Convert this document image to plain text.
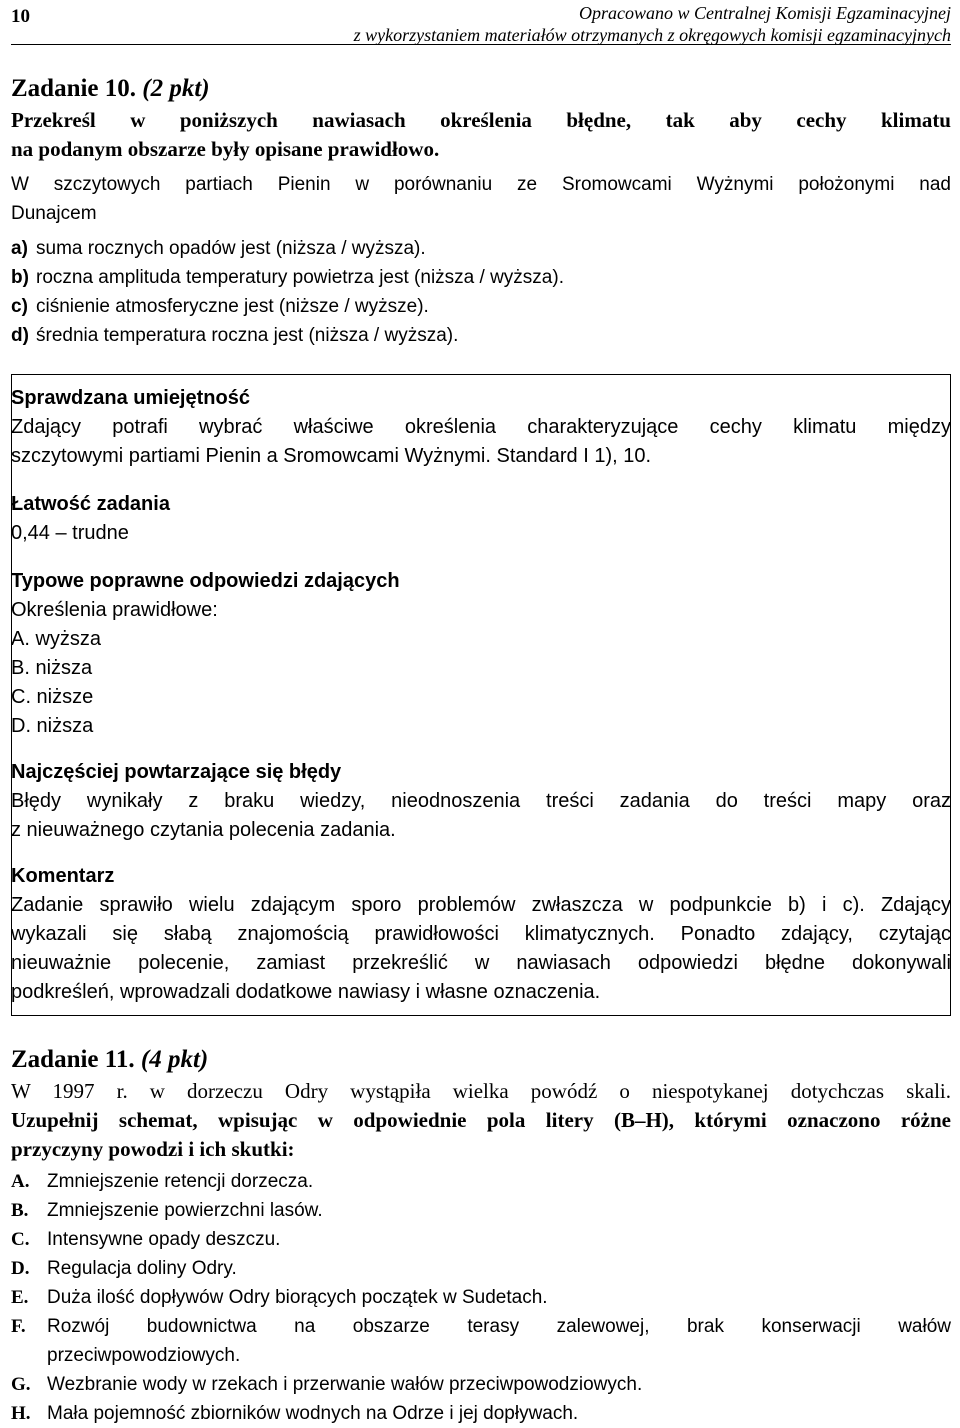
10	Opracowano w Centralnej Komisji Egzaminacyjnej
z wykorzystaniem materiałów otrzymanych z okręgowych komisji egzaminacyjnych
Zadanie 10. (2 pkt)
Przekreśl w poniższych nawiasach określenia błędne, tak aby cechy klimatu
na podanym obszarze były opisane prawidłowo.
W szczytowych partiach Pienin w porównaniu ze Sromowcami Wyżnymi położonymi nad
Dunajcem
a) suma rocznych opadów jest (niższa / wyższa).
b) roczna amplituda temperatury powietrza jest (niższa / wyższa).
c) ciśnienie atmosferyczne jest (niższe / wyższe).
d) średnia temperatura roczna jest (niższa / wyższa).
Sprawdzana umiejętność
Zdający potrafi wybrać właściwe określenia charakteryzujące cechy klimatu między
szczytowymi partiami Pienin a Sromowcami Wyżnymi. Standard I 1), 10.
Łatwość zadania
0,44 – trudne
Typowe poprawne odpowiedzi zdających
Określenia prawidłowe:
A. wyższa
B. niższa
C. niższe
D. niższa
Najczęściej powtarzające się błędy
Błędy wynikały z braku wiedzy, nieodnoszenia treści zadania do treści mapy oraz
z nieuważnego czytania polecenia zadania.
Komentarz
Zadanie sprawiło wielu zdającym sporo problemów zwłaszcza w podpunkcie b) i c). Zdający
wykazali się słabą znajomością prawidłowości klimatycznych. Ponadto zdający, czytając
nieuważnie polecenie, zamiast przekreślić w nawiasach odpowiedzi błędne dokonywali
podkreśleń, wprowadzali dodatkowe nawiasy i własne oznaczenia.
Zadanie 11. (4 pkt)
W 1997 r. w dorzeczu Odry wystąpiła wielka powódź o niespotykanej dotychczas skali.
Uzupełnij schemat, wpisując w odpowiednie pola litery (B–H), którymi oznaczono różne
przyczyny powodzi i ich skutki:
A. Zmniejszenie retencji dorzecza.
B. Zmniejszenie powierzchni lasów.
C. Intensywne opady deszczu.
D. Regulacja doliny Odry.
E. Duża ilość dopływów Odry biorących początek w Sudetach.
F. Rozwój budownictwa na obszarze terasy zalewowej, brak konserwacji wałów
przeciwpowodziowych.
G. Wezbranie wody w rzekach i przerwanie wałów przeciwpowodziowych.
H. Mała pojemność zbiorników wodnych na Odrze i jej dopływach.
